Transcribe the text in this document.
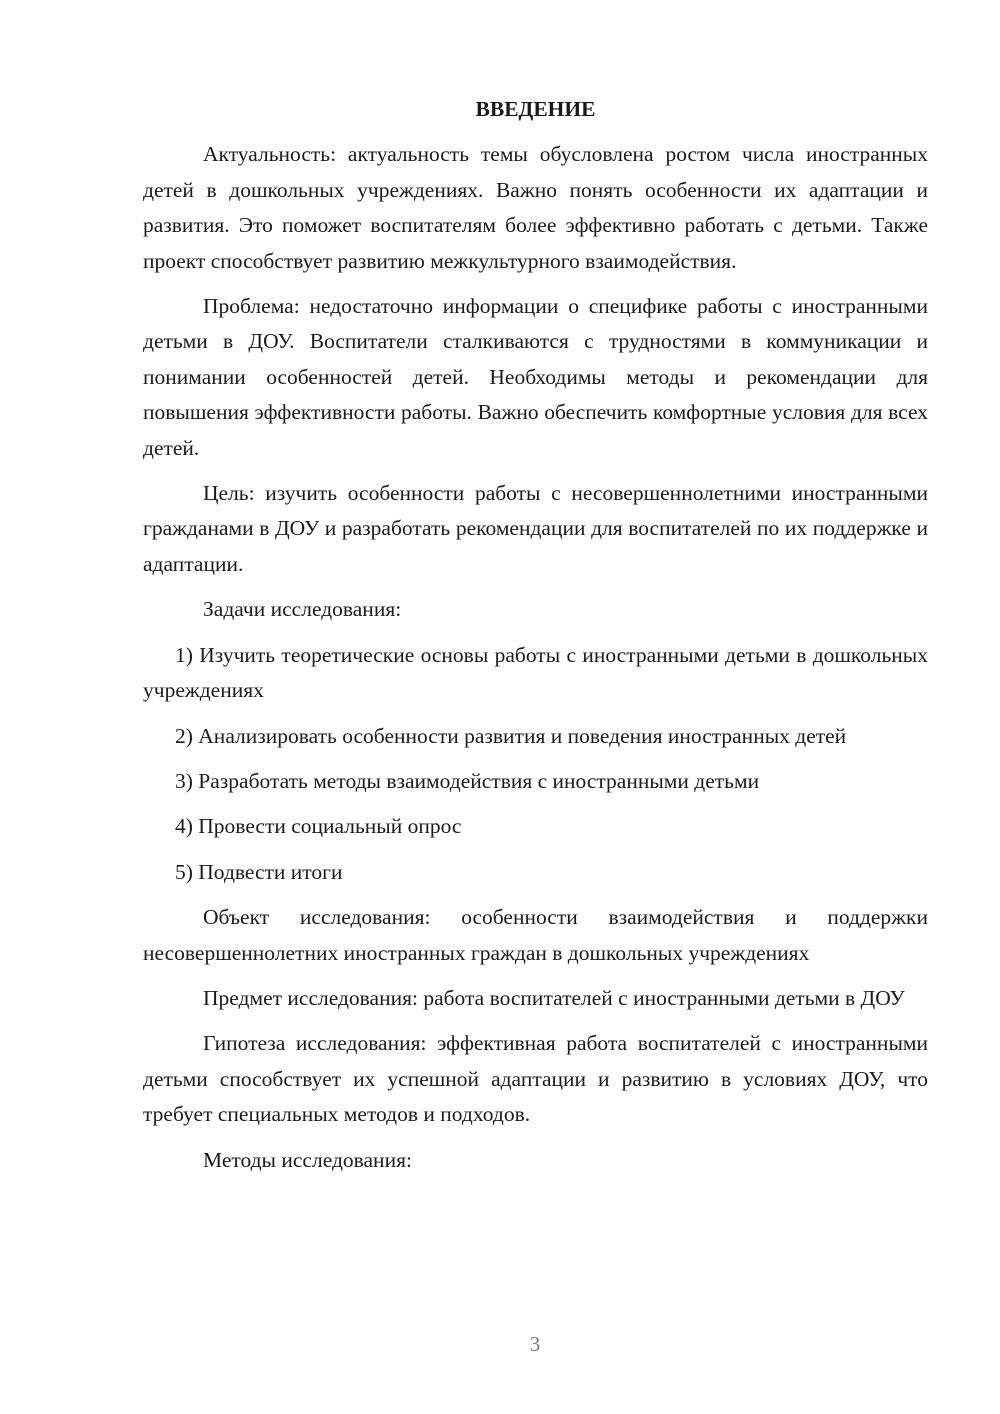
ВВЕДЕНИЕ

Актуальность: актуальность темы обусловлена ростом числа иностранных детей в дошкольных учреждениях. Важно понять особенности их адаптации и развития. Это поможет воспитателям более эффективно работать с детьми. Также проект способствует развитию межкультурного взаимодействия.

Проблема: недостаточно информации о специфике работы с иностранными детьми в ДОУ. Воспитатели сталкиваются с трудностями в коммуникации и понимании особенностей детей. Необходимы методы и рекомендации для повышения эффективности работы. Важно обеспечить комфортные условия для всех детей.

Цель: изучить особенности работы с несовершеннолетними иностранными гражданами в ДОУ и разработать рекомендации для воспитателей по их поддержке и адаптации.

Задачи исследования:

1) Изучить теоретические основы работы с иностранными детьми в дошкольных учреждениях

2) Анализировать особенности развития и поведения иностранных детей

3) Разработать методы взаимодействия с иностранными детьми

4) Провести социальный опрос

5) Подвести итоги

Объект исследования: особенности взаимодействия и поддержки несовершеннолетних иностранных граждан в дошкольных учреждениях

Предмет исследования: работа воспитателей с иностранными детьми в ДОУ

Гипотеза исследования: эффективная работа воспитателей с иностранными детьми способствует их успешной адаптации и развитию в условиях ДОУ, что требует специальных методов и подходов.

Методы исследования:

3
